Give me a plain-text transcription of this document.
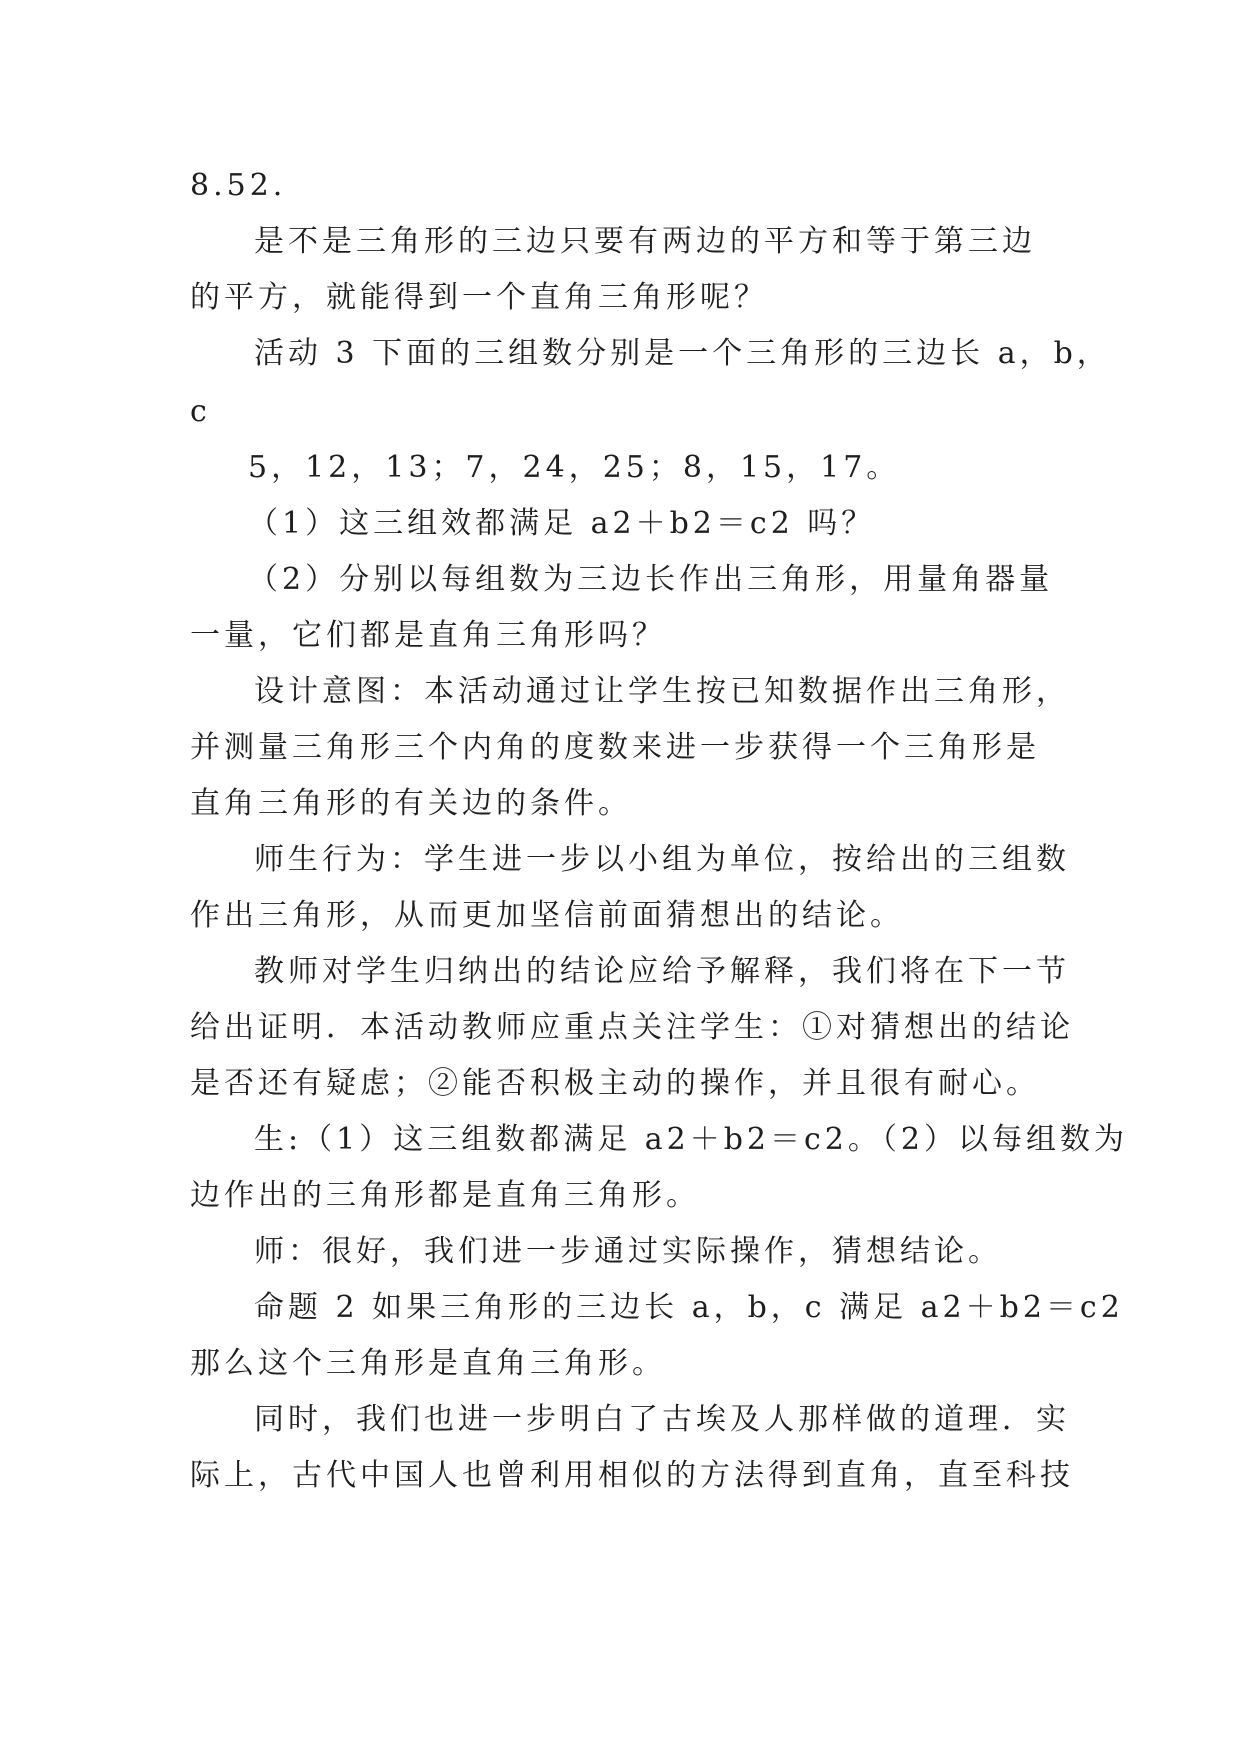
8.52.
是不是三角形的三边只要有两边的平方和等于第三边
的平方，就能得到一个直角三角形呢？
活动 3 下面的三组数分别是一个三角形的三边长 a，b，
c
5，12，13；7，24，25；8，15，17。
（1）这三组效都满足 a2＋b2＝c2 吗？
（2）分别以每组数为三边长作出三角形，用量角器量
一量，它们都是直角三角形吗？
设计意图：本活动通过让学生按已知数据作出三角形，
并测量三角形三个内角的度数来进一步获得一个三角形是
直角三角形的有关边的条件。
师生行为：学生进一步以小组为单位，按给出的三组数
作出三角形，从而更加坚信前面猜想出的结论。
教师对学生归纳出的结论应给予解释，我们将在下一节
给出证明．本活动教师应重点关注学生：①对猜想出的结论
是否还有疑虑；②能否积极主动的操作，并且很有耐心。
生:（1）这三组数都满足 a2＋b2＝c2。（2）以每组数为
边作出的三角形都是直角三角形。
师：很好，我们进一步通过实际操作，猜想结论。
命题 2 如果三角形的三边长 a，b，c 满足 a2＋b2＝c2
那么这个三角形是直角三角形。
同时，我们也进一步明白了古埃及人那样做的道理．实
际上，古代中国人也曾利用相似的方法得到直角，直至科技
